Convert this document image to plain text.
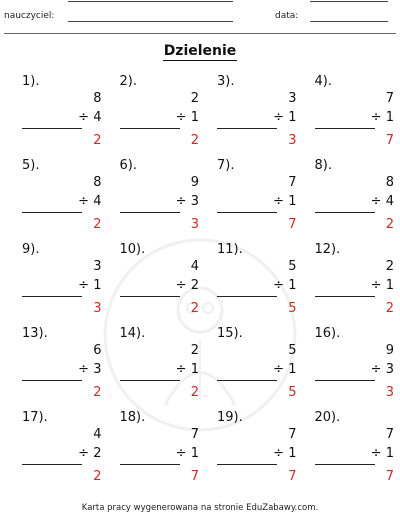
nauczyciel:	data:
Dzielenie
1).
8
÷ 4
2
2).
2
÷ 1
2
3).
3
÷ 1
3
4).
7
÷ 1
7
5).
8
÷ 4
2
6).
9
÷ 3
3
7).
7
÷ 1
7
8).
8
÷ 4
2
9).
3
÷ 1
3
10).
4
÷ 2
2
11).
5
÷ 1
5
12).
2
÷ 1
2
13).
6
÷ 3
2
14).
2
÷ 1
2
15).
5
÷ 1
5
16).
9
÷ 3
3
17).
4
÷ 2
2
18).
7
÷ 1
7
19).
7
÷ 1
7
20).
7
÷ 1
7
Karta pracy wygenerowana na stronie EduZabawy.com.
